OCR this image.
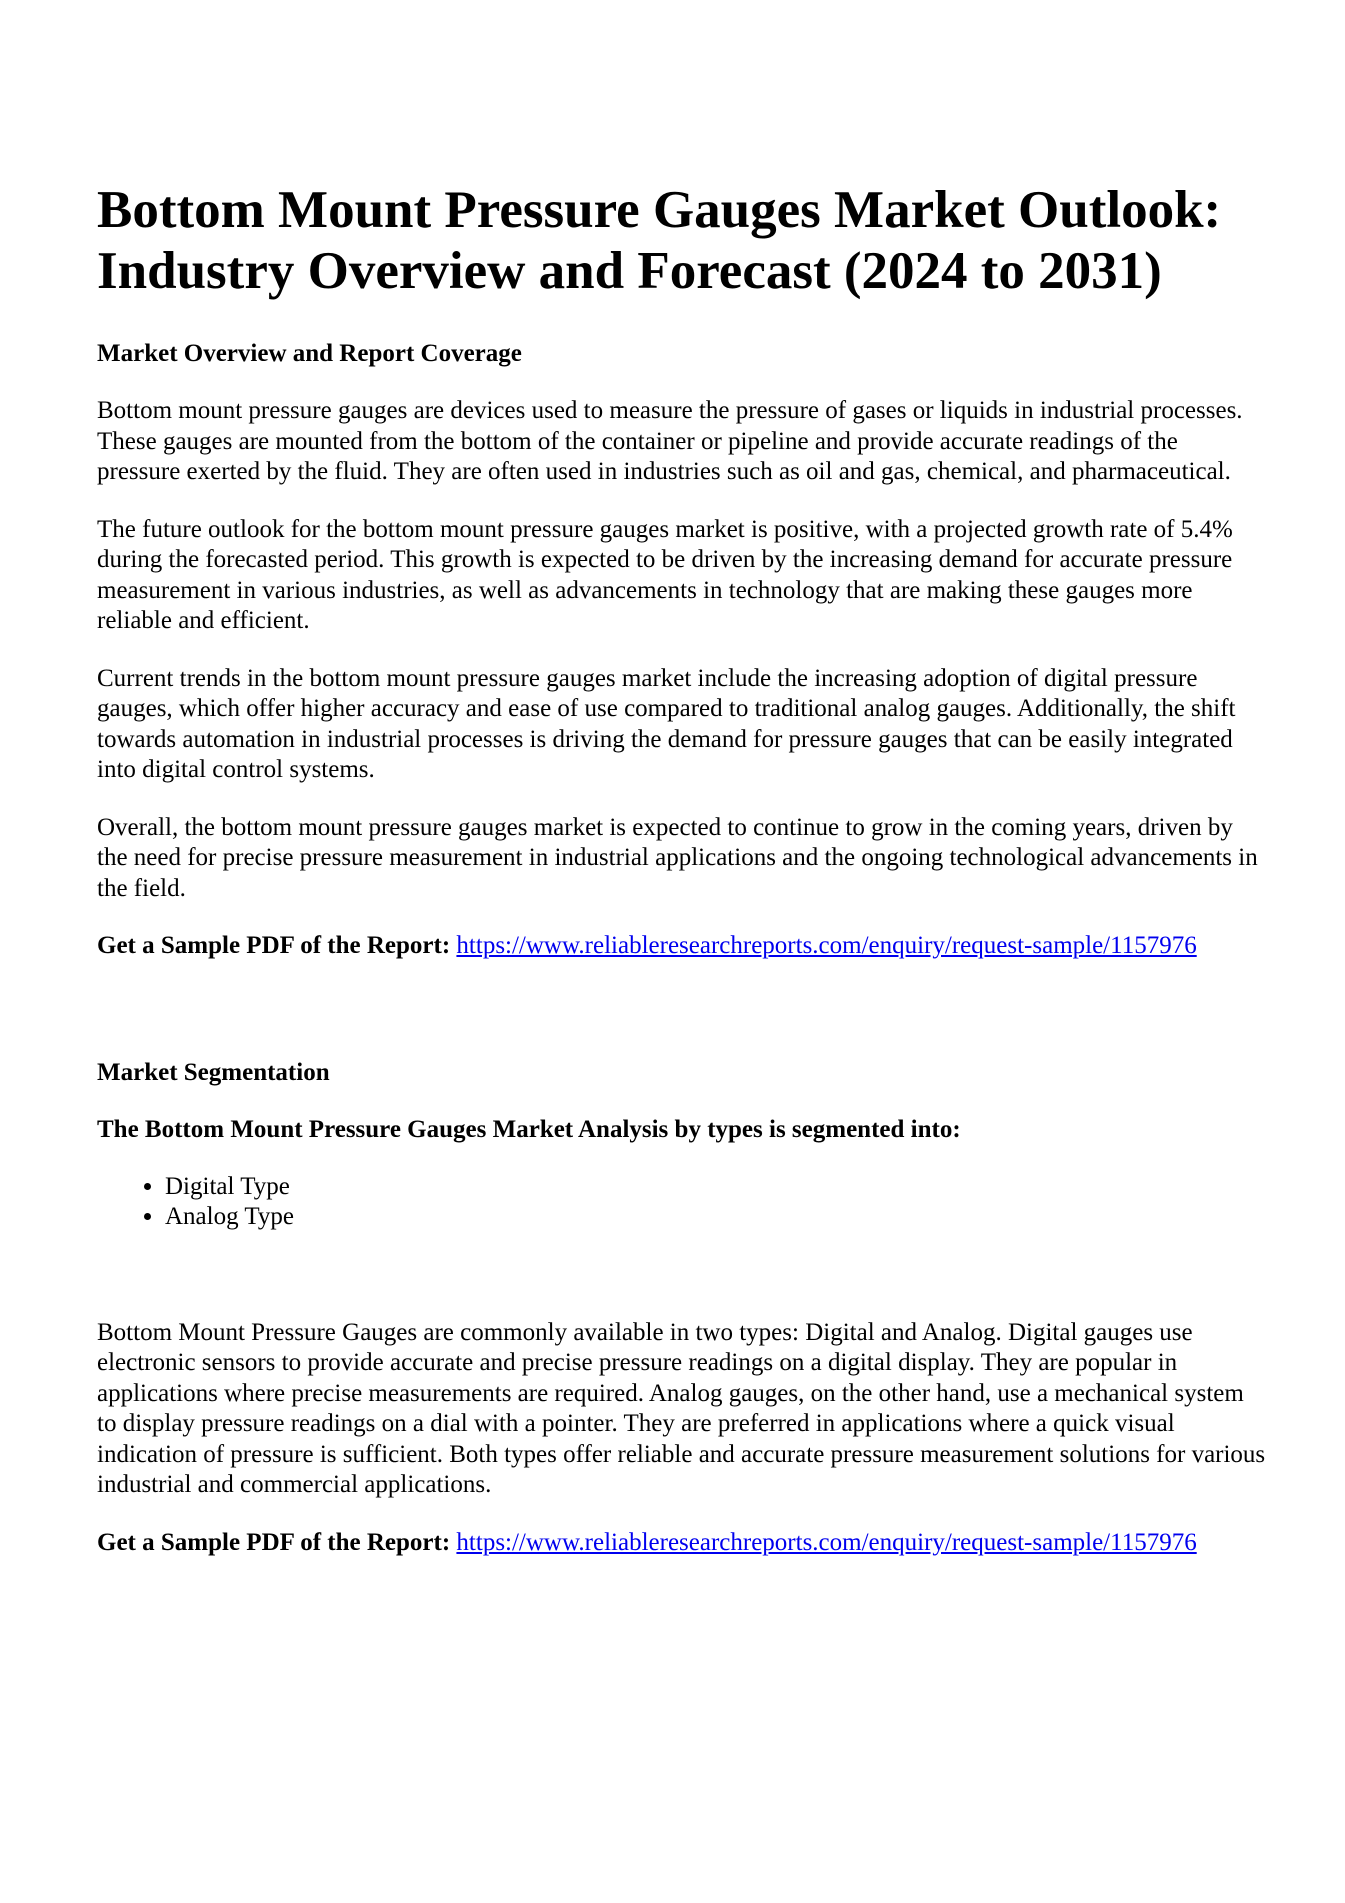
Bottom Mount Pressure Gauges Market Outlook: Industry Overview and Forecast (2024 to 2031)
Market Overview and Report Coverage

Bottom mount pressure gauges are devices used to measure the pressure of gases or liquids in industrial processes. These gauges are mounted from the bottom of the container or pipeline and provide accurate readings of the pressure exerted by the fluid. They are often used in industries such as oil and gas, chemical, and pharmaceutical.

The future outlook for the bottom mount pressure gauges market is positive, with a projected growth rate of 5.4% during the forecasted period. This growth is expected to be driven by the increasing demand for accurate pressure measurement in various industries, as well as advancements in technology that are making these gauges more reliable and efficient.

Current trends in the bottom mount pressure gauges market include the increasing adoption of digital pressure gauges, which offer higher accuracy and ease of use compared to traditional analog gauges. Additionally, the shift towards automation in industrial processes is driving the demand for pressure gauges that can be easily integrated into digital control systems.

Overall, the bottom mount pressure gauges market is expected to continue to grow in the coming years, driven by the need for precise pressure measurement in industrial applications and the ongoing technological advancements in the field.

Get a Sample PDF of the Report: https://www.reliableresearchreports.com/enquiry/request-sample/1157976
Market Segmentation
The Bottom Mount Pressure Gauges Market Analysis by types is segmented into:
• Digital Type
• Analog Type

Bottom Mount Pressure Gauges are commonly available in two types: Digital and Analog. Digital gauges use electronic sensors to provide accurate and precise pressure readings on a digital display. They are popular in applications where precise measurements are required. Analog gauges, on the other hand, use a mechanical system to display pressure readings on a dial with a pointer. They are preferred in applications where a quick visual indication of pressure is sufficient. Both types offer reliable and accurate pressure measurement solutions for various industrial and commercial applications.

Get a Sample PDF of the Report: https://www.reliableresearchreports.com/enquiry/request-sample/1157976
